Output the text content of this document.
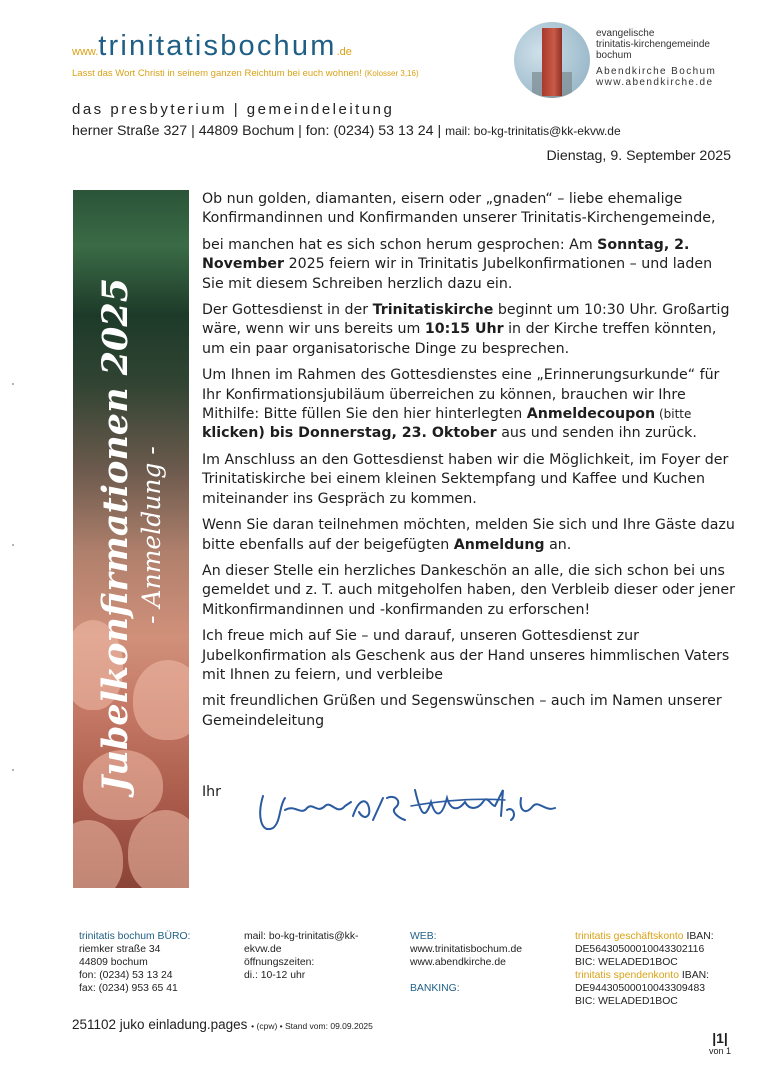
www.trinitatisbochum.de
Lasst das Wort Christi in seinem ganzen Reichtum bei euch wohnen! (Kolosser 3,16)
evangelische
trinitatis-kirchengemeinde
bochum
Abendkirche Bochum
www.abendkirche.de
das presbyterium | gemeindeleitung
herner Straße 327 | 44809 Bochum | fon: (0234) 53 13 24 | mail: bo-kg-trinitatis@kk-ekvw.de
Dienstag, 9. September 2025
Jubelkonfirmationen 2025 - Anmeldung -

Ob nun golden, diamanten, eisern oder „gnaden“ – liebe ehemalige Konfirmandinnen und Konfirmanden unserer Trinitatis-Kirchengemeinde,

bei manchen hat es sich schon herum gesprochen: Am Sonntag, 2. November 2025 feiern wir in Trinitatis Jubelkonfirmationen – und laden Sie mit diesem Schreiben herzlich dazu ein.

Der Gottesdienst in der Trinitatiskirche beginnt um 10:30 Uhr. Großartig wäre, wenn wir uns bereits um 10:15 Uhr in der Kirche treffen könnten, um ein paar organisatorische Dinge zu besprechen.

Um Ihnen im Rahmen des Gottesdienstes eine „Erinnerungsurkunde“ für Ihr Konfirmationsjubiläum überreichen zu können, brauchen wir Ihre Mithilfe: Bitte füllen Sie den hier hinterlegten Anmeldecoupon (bitte klicken) bis Donnerstag, 23. Oktober aus und senden ihn zurück.

Im Anschluss an den Gottesdienst haben wir die Möglichkeit, im Foyer der Trinitatiskirche bei einem kleinen Sektempfang und Kaffee und Kuchen miteinander ins Gespräch zu kommen.

Wenn Sie daran teilnehmen möchten, melden Sie sich und Ihre Gäste dazu bitte ebenfalls auf der beigefügten Anmeldung an.

An dieser Stelle ein herzliches Dankeschön an alle, die sich schon bei uns gemeldet und z. T. auch mitgeholfen haben, den Verbleib dieser oder jener Mitkonfirmandinnen und -konfirmanden zu erforschen!

Ich freue mich auf Sie – und darauf, unseren Gottesdienst zur Jubelkonfirmation als Geschenk aus der Hand unseres himmlischen Vaters mit Ihnen zu feiern, und verbleibe

mit freundlichen Grüßen und Segenswünschen – auch im Namen unserer Gemeindeleitung

Ihr
trinitatis bochum BÜRO:
riemker straße 34
44809 bochum
fon: (0234) 53 13 24
fax: (0234) 953 65 41
mail: bo-kg-trinitatis@kk-
ekvw.de
öffnungszeiten:
di.: 10-12 uhr
WEB:
www.trinitatisbochum.de
www.abendkirche.de
BANKING:
trinitatis geschäftskonto IBAN:
DE56430500010043302116
BIC: WELADED1BOC
trinitatis spendenkonto IBAN:
DE94430500010043309483
BIC: WELADED1BOC
251102 juko einladung.pages • (cpw) • Stand vom: 09.09.2025
|1|
von 1
